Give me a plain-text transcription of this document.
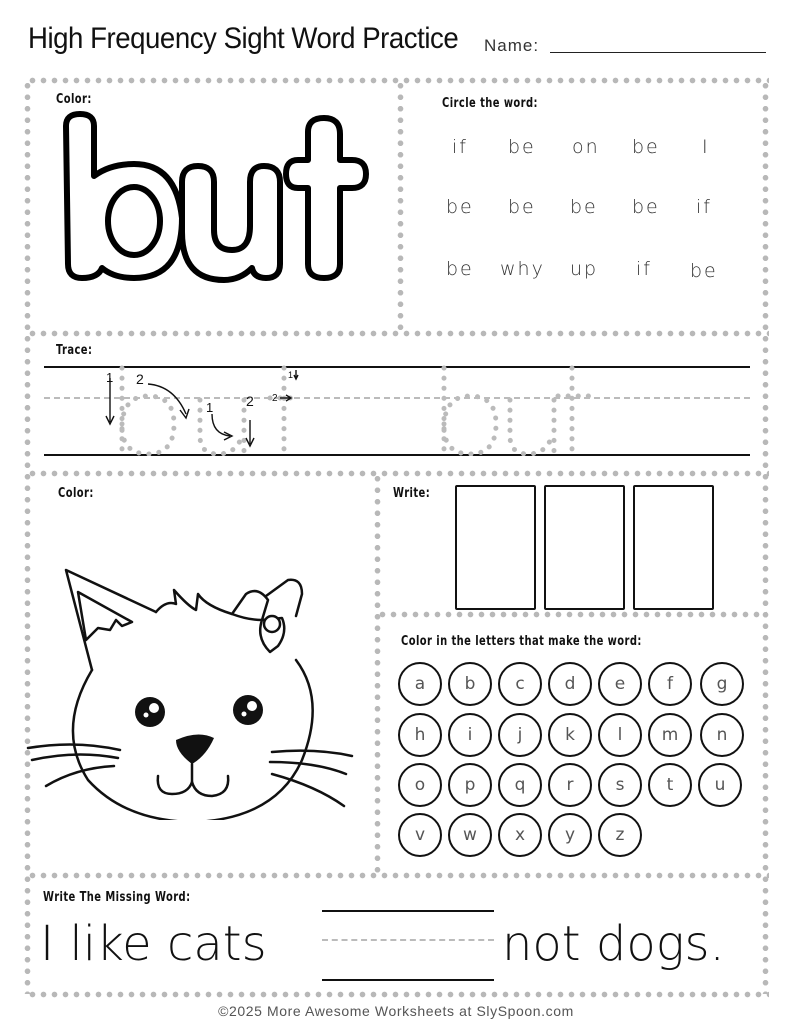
High Frequency Sight Word Practice Name:
Color:	Circle the word:
if be on be I
be be be be if
be why up if be
Trace:
1 2
1 2
1
2
Color:	Write:
Color in the letters that make the word:
a	b	c	d	e	f	g
h	i	j	k	l	m	n
o	p	q	r	s	t	u
v	w	x	y	z
Write The Missing Word:
I like cats	not dogs.
©2025 More Awesome Worksheets at SlySpoon.com
